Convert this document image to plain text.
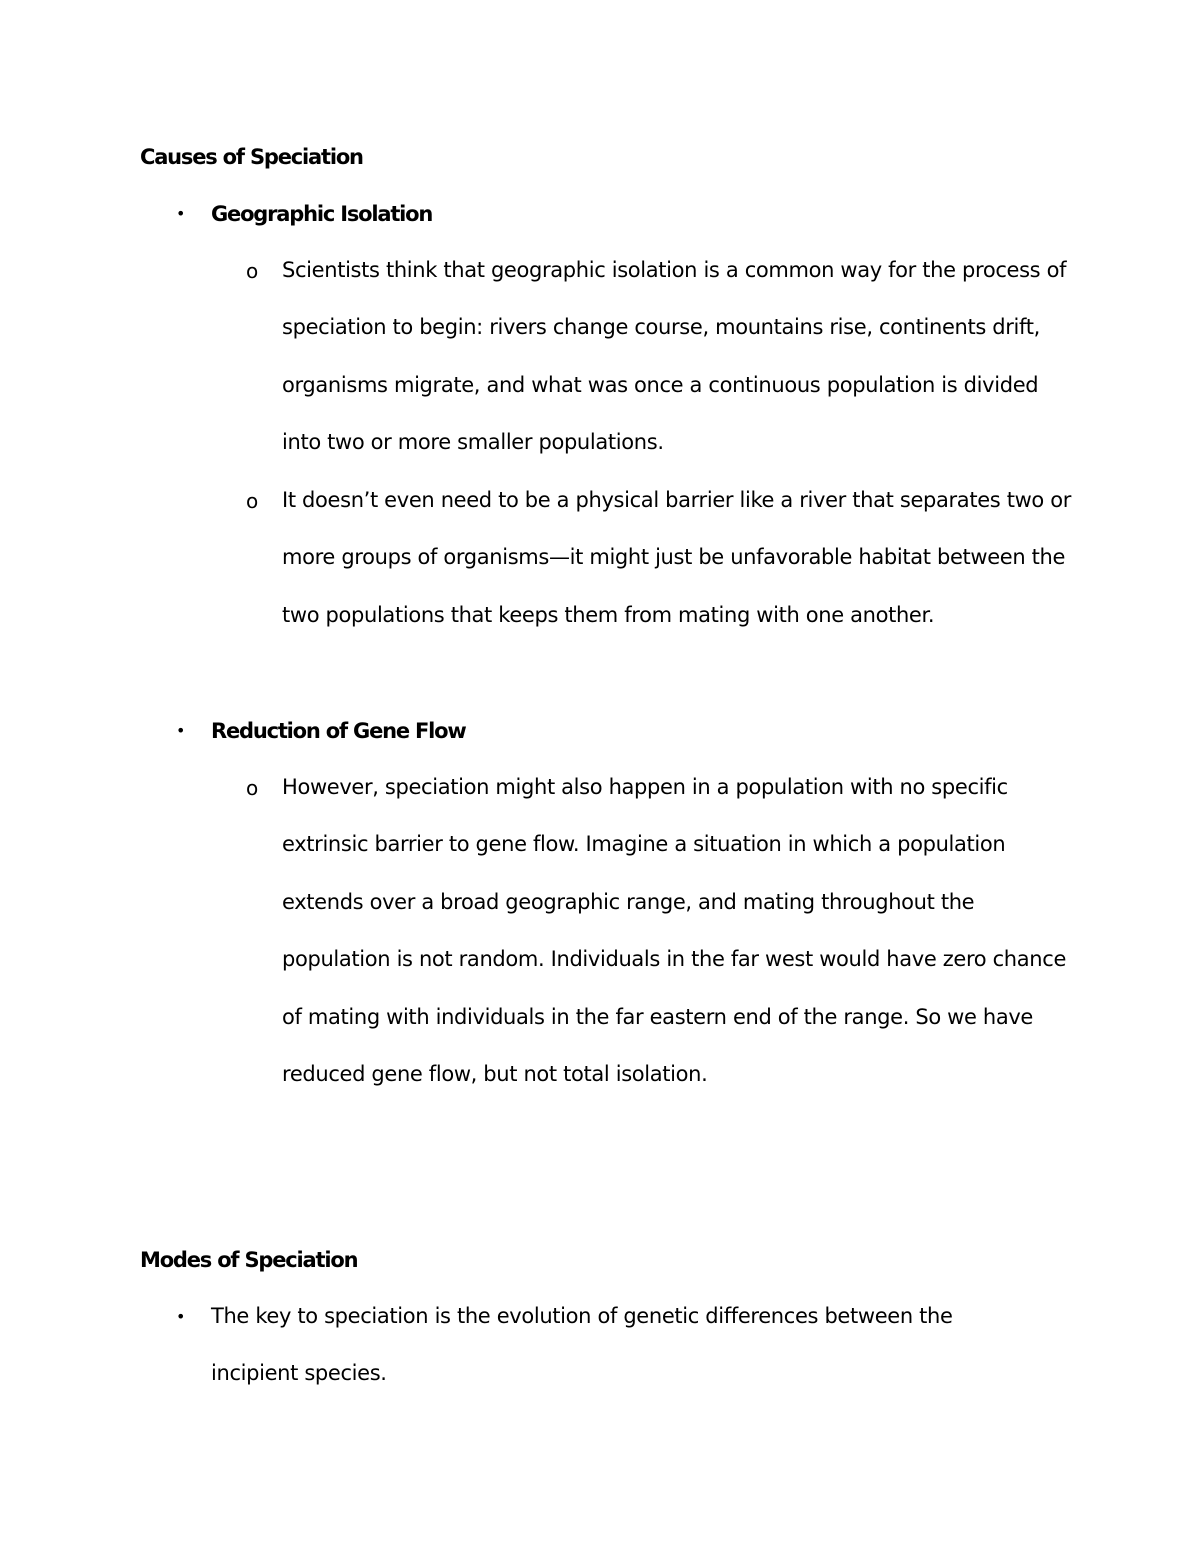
Causes of Speciation
• Geographic Isolation
o Scientists think that geographic isolation is a common way for the process of speciation to begin: rivers change course, mountains rise, continents drift, organisms migrate, and what was once a continuous population is divided into two or more smaller populations.
o It doesn’t even need to be a physical barrier like a river that separates two or more groups of organisms—it might just be unfavorable habitat between the two populations that keeps them from mating with one another.
• Reduction of Gene Flow
o However, speciation might also happen in a population with no specific extrinsic barrier to gene flow. Imagine a situation in which a population extends over a broad geographic range, and mating throughout the population is not random. Individuals in the far west would have zero chance of mating with individuals in the far eastern end of the range. So we have reduced gene flow, but not total isolation.
Modes of Speciation
• The key to speciation is the evolution of genetic differences between the incipient species.
